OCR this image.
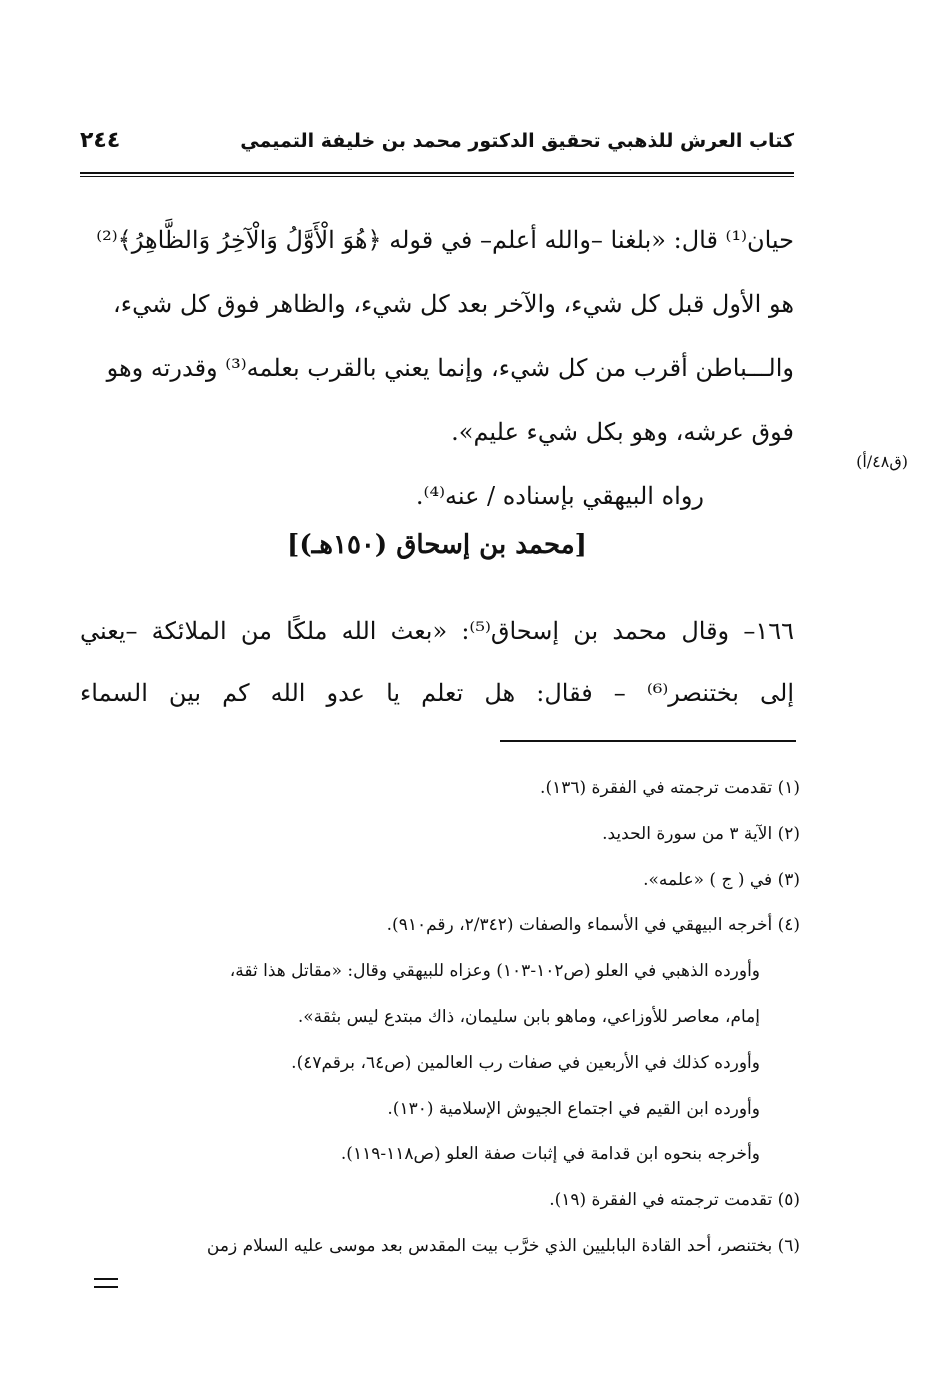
كتاب العرش للذهبي تحقيق الدكتور محمد بن خليفة التميمي
٢٤٤

حيان⁽¹⁾ قال: «بلغنا –والله أعلم– في قوله ﴿هُوَ الْأَوَّلُ وَالْآخِرُ وَالظَّاهِرُ﴾⁽²⁾

هو الأول قبل كل شيء، والآخر بعد كل شيء، والظاهر فوق كل شيء،

والـــباطن أقرب من كل شيء، وإنما يعني بالقرب بعلمه⁽³⁾ وقدرته وهو

فوق عرشه، وهو بكل شيء عليم».

رواه البيهقي بإسناده / عنه⁽⁴⁾.

(ق٤٨/أ)
[محمد بن إسحاق (١٥٠هـ)]

١٦٦– وقال محمد بن إسحاق⁽⁵⁾: «بعث الله ملكًا من الملائكة –يعني

إلى بختنصر⁽⁶⁾ – فقال: هل تعلم يا عدو الله كم بين السماء

(١) تقدمت ترجمته في الفقرة (١٣٦).
(٢) الآية ٣ من سورة الحديد.
(٣) في ( ج ) «علمه».
(٤) أخرجه البيهقي في الأسماء والصفات (٢/٣٤٢، رقم٩١٠).
وأورده الذهبي في العلو (ص١٠٢-١٠٣) وعزاه للبيهقي وقال: «مقاتل هذا ثقة،
إمام، معاصر للأوزاعي، وماهو بابن سليمان، ذاك مبتدع ليس بثقة».
وأورده كذلك في الأربعين في صفات رب العالمين (ص٦٤، برقم٤٧).
وأورده ابن القيم في اجتماع الجيوش الإسلامية (١٣٠).
وأخرجه بنحوه ابن قدامة في إثبات صفة العلو (ص١١٨-١١٩).
(٥) تقدمت ترجمته في الفقرة (١٩).
(٦) بختنصر، أحد القادة البابليين الذي خرَّب بيت المقدس بعد موسى عليه السلام زمن
